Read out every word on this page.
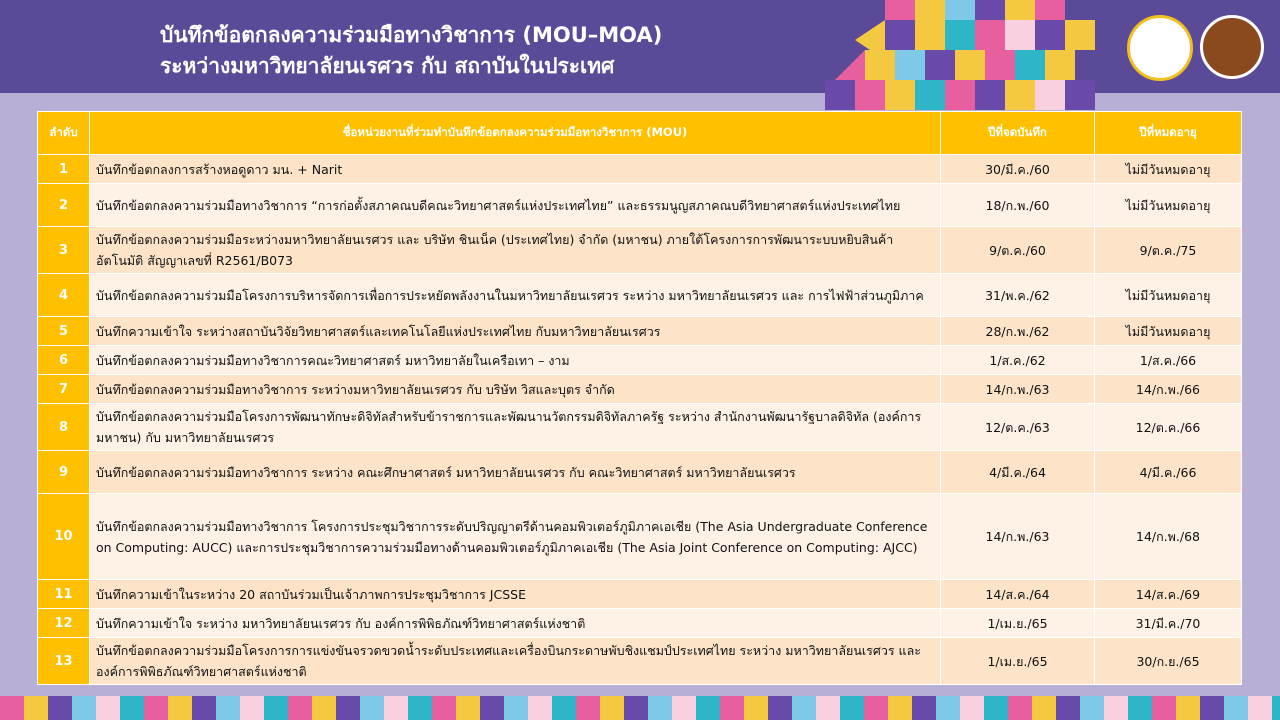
บันทึกข้อตกลงความร่วมมือทางวิชาการ (MOU–MOA)
ระหว่างมหาวิทยาลัยนเรศวร กับ สถาบันในประเทศ
ลำดับ	ชื่อหน่วยงานที่ร่วมทำบันทึกข้อตกลงความร่วมมือทางวิชาการ (MOU)	ปีที่จดบันทึก	ปีที่หมดอายุ
1	บันทึกข้อตกลงการสร้างหอดูดาว มน. + Narit	30/มี.ค./60	ไม่มีวันหมดอายุ
2	บันทึกข้อตกลงความร่วมมือทางวิชาการ “การก่อตั้งสภาคณบดีคณะวิทยาศาสตร์แห่งประเทศไทย” และธรรมนูญสภาคณบดีวิทยาศาสตร์แห่งประเทศไทย	18/ก.พ./60	ไม่มีวันหมดอายุ
3	บันทึกข้อตกลงความร่วมมือระหว่างมหาวิทยาลัยนเรศวร และ บริษัท ชินเน็ค (ประเทศไทย) จำกัด (มหาชน) ภายใต้โครงการการพัฒนาระบบหยิบสินค้าอัตโนมัติ สัญญาเลขที่ R2561/B073	9/ต.ค./60	9/ต.ค./75
4	บันทึกข้อตกลงความร่วมมือโครงการบริหารจัดการเพื่อการประหยัดพลังงานในมหาวิทยาลัยนเรศวร ระหว่าง มหาวิทยาลัยนเรศวร และ การไฟฟ้าส่วนภูมิภาค	31/พ.ค./62	ไม่มีวันหมดอายุ
5	บันทึกความเข้าใจ ระหว่างสถาบันวิจัยวิทยาศาสตร์และเทคโนโลยีแห่งประเทศไทย กับมหาวิทยาลัยนเรศวร	28/ก.พ./62	ไม่มีวันหมดอายุ
6	บันทึกข้อตกลงความร่วมมือทางวิชาการคณะวิทยาศาสตร์ มหาวิทยาลัยในเครือเทา – งาม	1/ส.ค./62	1/ส.ค./66
7	บันทึกข้อตกลงความร่วมมือทางวิชาการ ระหว่างมหาวิทยาลัยนเรศวร กับ บริษัท วิสและบุตร จำกัด	14/ก.พ./63	14/ก.พ./66
8	บันทึกข้อตกลงความร่วมมือโครงการพัฒนาทักษะดิจิทัลสำหรับข้าราชการและพัฒนานวัตกรรมดิจิทัลภาครัฐ ระหว่าง สำนักงานพัฒนารัฐบาลดิจิทัล (องค์การมหาชน) กับ มหาวิทยาลัยนเรศวร	12/ต.ค./63	12/ต.ค./66
9	บันทึกข้อตกลงความร่วมมือทางวิชาการ ระหว่าง คณะศึกษาศาสตร์ มหาวิทยาลัยนเรศวร กับ คณะวิทยาศาสตร์ มหาวิทยาลัยนเรศวร	4/มี.ค./64	4/มี.ค./66
10	บันทึกข้อตกลงความร่วมมือทางวิชาการ โครงการประชุมวิชาการระดับปริญญาตรีด้านคอมพิวเตอร์ภูมิภาคเอเชีย (The Asia Undergraduate Conference on Computing: AUCC) และการประชุมวิชาการความร่วมมือทางด้านคอมพิวเตอร์ภูมิภาคเอเชีย (The Asia Joint Conference on Computing: AJCC)	14/ก.พ./63	14/ก.พ./68
11	บันทึกความเข้าในระหว่าง 20 สถาบันร่วมเป็นเจ้าภาพการประชุมวิชาการ JCSSE	14/ส.ค./64	14/ส.ค./69
12	บันทึกความเข้าใจ ระหว่าง มหาวิทยาลัยนเรศวร กับ องค์การพิพิธภัณฑ์วิทยาศาสตร์แห่งชาติ	1/เม.ย./65	31/มี.ค./70
13	บันทึกข้อตกลงความร่วมมือโครงการการแข่งขันจรวดขวดน้ำระดับประเทศและเครื่องบินกระดาษพับชิงแชมป์ประเทศไทย ระหว่าง มหาวิทยาลัยนเรศวร และ องค์การพิพิธภัณฑ์วิทยาศาสตร์แห่งชาติ	1/เม.ย./65	30/ก.ย./65
